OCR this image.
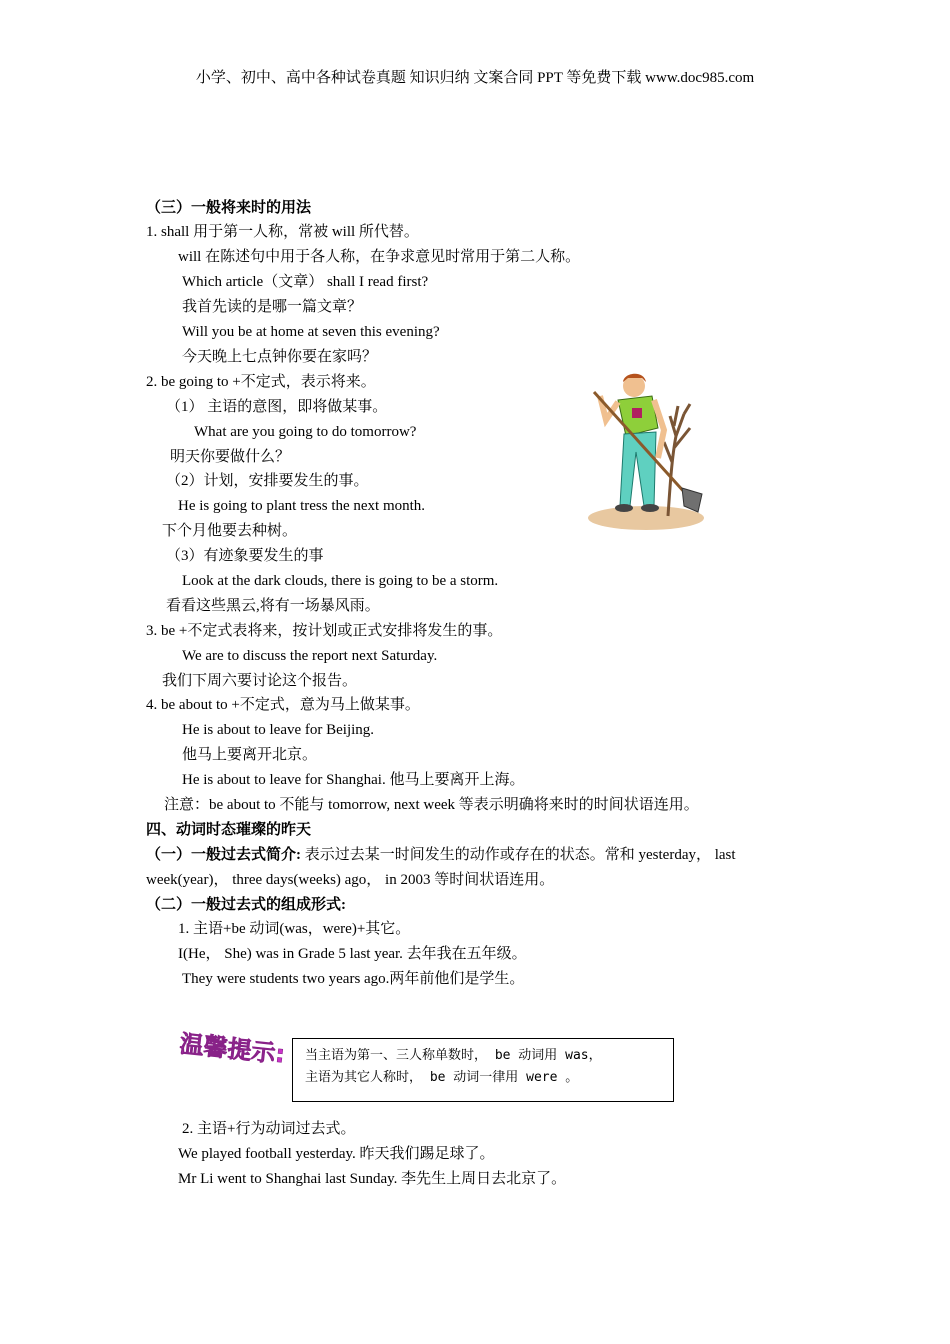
小学、初中、高中各种试卷真题 知识归纳 文案合同 PPT 等免费下载 www.doc985.com
（三）一般将来时的用法
1. shall 用于第一人称，常被 will 所代替。
will 在陈述句中用于各人称，在争求意见时常用于第二人称。
Which article（文章） shall I read first?
我首先读的是哪一篇文章？
Will you be at home at seven this evening?
今天晚上七点钟你要在家吗？
2. be going to +不定式，表示将来。
（1） 主语的意图，即将做某事。
What are you going to do tomorrow?
明天你要做什么？
（2）计划，安排要发生的事。
He is going to plant tress the next month.
下个月他要去种树。
（3）有迹象要发生的事
Look at the dark clouds, there is going to be a storm.
看看这些黑云,将有一场暴风雨。
3. be +不定式表将来，按计划或正式安排将发生的事。
We are to discuss the report next Saturday.
我们下周六要讨论这个报告。
4. be about to +不定式，意为马上做某事。
He is about to leave for Beijing.
他马上要离开北京。
He is about to leave for Shanghai. 他马上要离开上海。
注意：be about to 不能与 tomorrow, next week 等表示明确将来时的时间状语连用。
四、动词时态璀璨的昨天
（一）一般过去式简介: 表示过去某一时间发生的动作或存在的状态。常和 yesterday， last
week(year)， three days(weeks) ago， in 2003 等时间状语连用。
（二）一般过去式的组成形式:
1. 主语+be 动词(was，were)+其它。
I(He， She) was in Grade 5 last year. 去年我在五年级。
They were students two years ago.两年前他们是学生。
温馨提示: 当主语为第一、三人称单数时， be 动词用 was，
主语为其它人称时， be 动词一律用 were 。
2. 主语+行为动词过去式。
We played football yesterday. 昨天我们踢足球了。
Mr Li went to Shanghai last Sunday. 李先生上周日去北京了。
